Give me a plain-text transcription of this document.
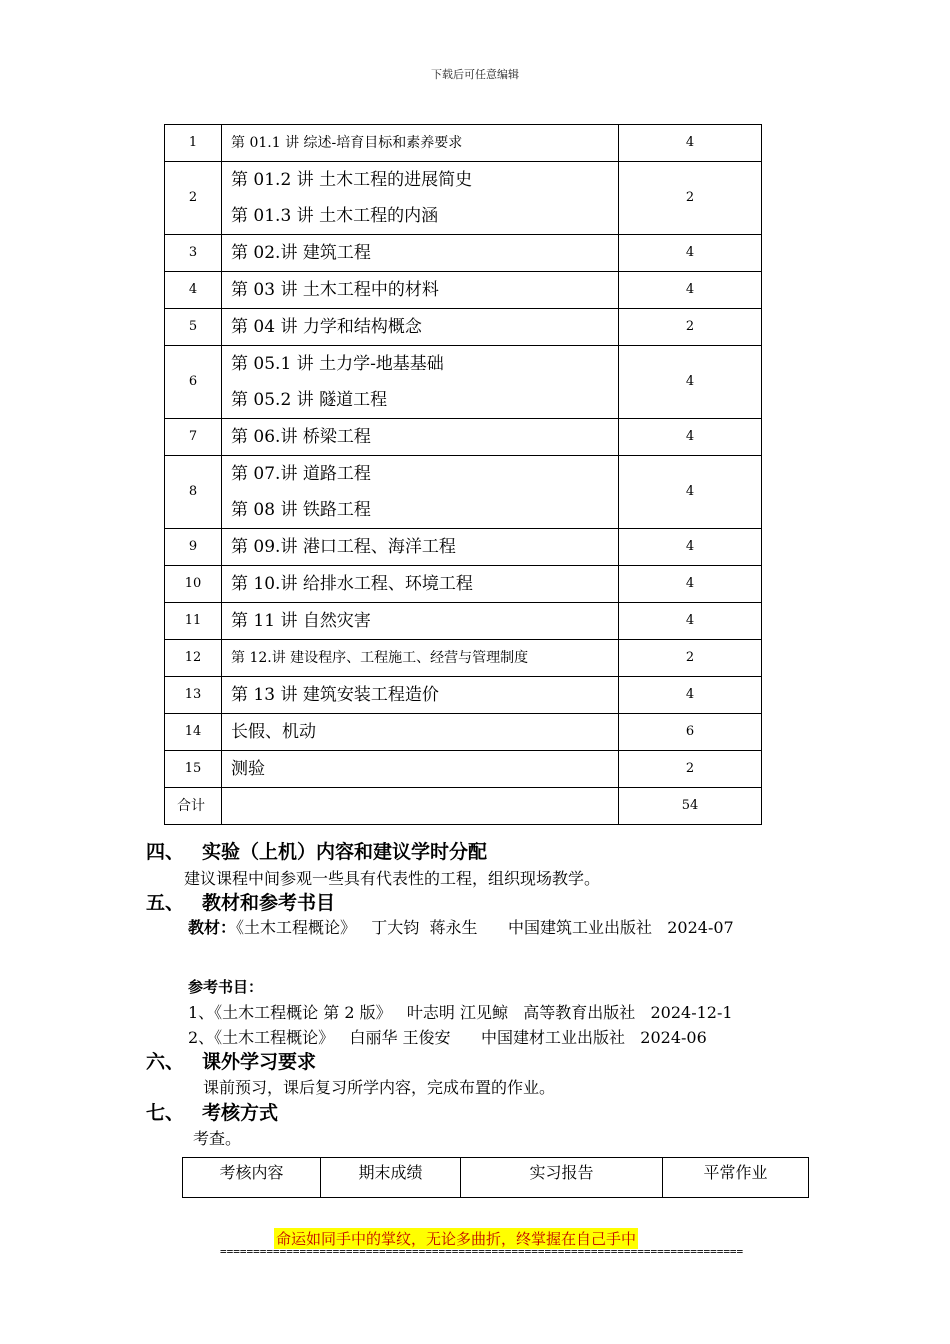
下载后可任意编辑
1	第 01.1 讲 综述-培育目标和素养要求	4
2	第 01.2 讲 土木工程的进展简史
第 01.3 讲 土木工程的内涵	2
3	第 02.讲 建筑工程	4
4	第 03 讲 土木工程中的材料	4
5	第 04 讲 力学和结构概念	2
6	第 05.1 讲 土力学-地基基础
第 05.2 讲 隧道工程	4
7	第 06.讲 桥梁工程	4
8	第 07.讲 道路工程
第 08 讲 铁路工程	4
9	第 09.讲 港口工程、海洋工程	4
10	第 10.讲 给排水工程、环境工程	4
11	第 11 讲 自然灾害	4
12	第 12.讲 建设程序、工程施工、经营与管理制度	2
13	第 13 讲 建筑安装工程造价	4
14	长假、机动	6
15	测验	2
合计		54
四、 实验（上机）内容和建议学时分配
建议课程中间参观一些具有代表性的工程，组织现场教学。
五、 教材和参考书目
教材：《土木工程概论》   丁大钧  蒋永生      中国建筑工业出版社   2024-07
参考书目：
1、《土木工程概论 第 2 版》   叶志明 江见鲸   高等教育出版社   2024-12-1
2、《土木工程概论》   白丽华 王俊安      中国建材工业出版社   2024-06
六、 课外学习要求
课前预习，课后复习所学内容，完成布置的作业。
七、 考核方式
考查。
考核内容	期末成绩	实习报告	平常作业
命运如同手中的掌纹，无论多曲折，终掌握在自己手中
===============================================================================
